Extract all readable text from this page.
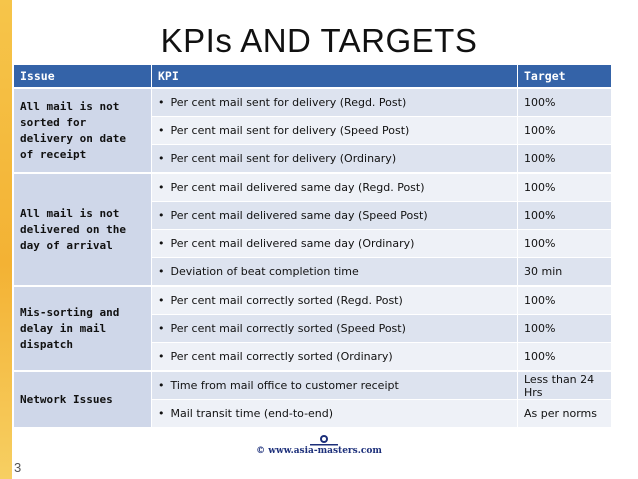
KPIs AND TARGETS
Issue	KPI	Target
All mail is not sorted for delivery on date of receipt	• Per cent mail sent for delivery (Regd. Post)	100%
	• Per cent mail sent for delivery (Speed Post)	100%
	• Per cent mail sent for delivery (Ordinary)	100%
All mail is not delivered on the day of arrival	• Per cent mail delivered same day (Regd. Post)	100%
	• Per cent mail delivered same day (Speed Post)	100%
	• Per cent mail delivered same day (Ordinary)	100%
	• Deviation of beat completion time	30 min
Mis-sorting and delay in mail dispatch	• Per cent mail correctly sorted (Regd. Post)	100%
	• Per cent mail correctly sorted (Speed Post)	100%
	• Per cent mail correctly sorted (Ordinary)	100%
Network Issues	• Time from mail office to customer receipt	Less than 24 Hrs
	• Mail transit time (end-to-end)	As per norms
© www.asia-masters.com
3
